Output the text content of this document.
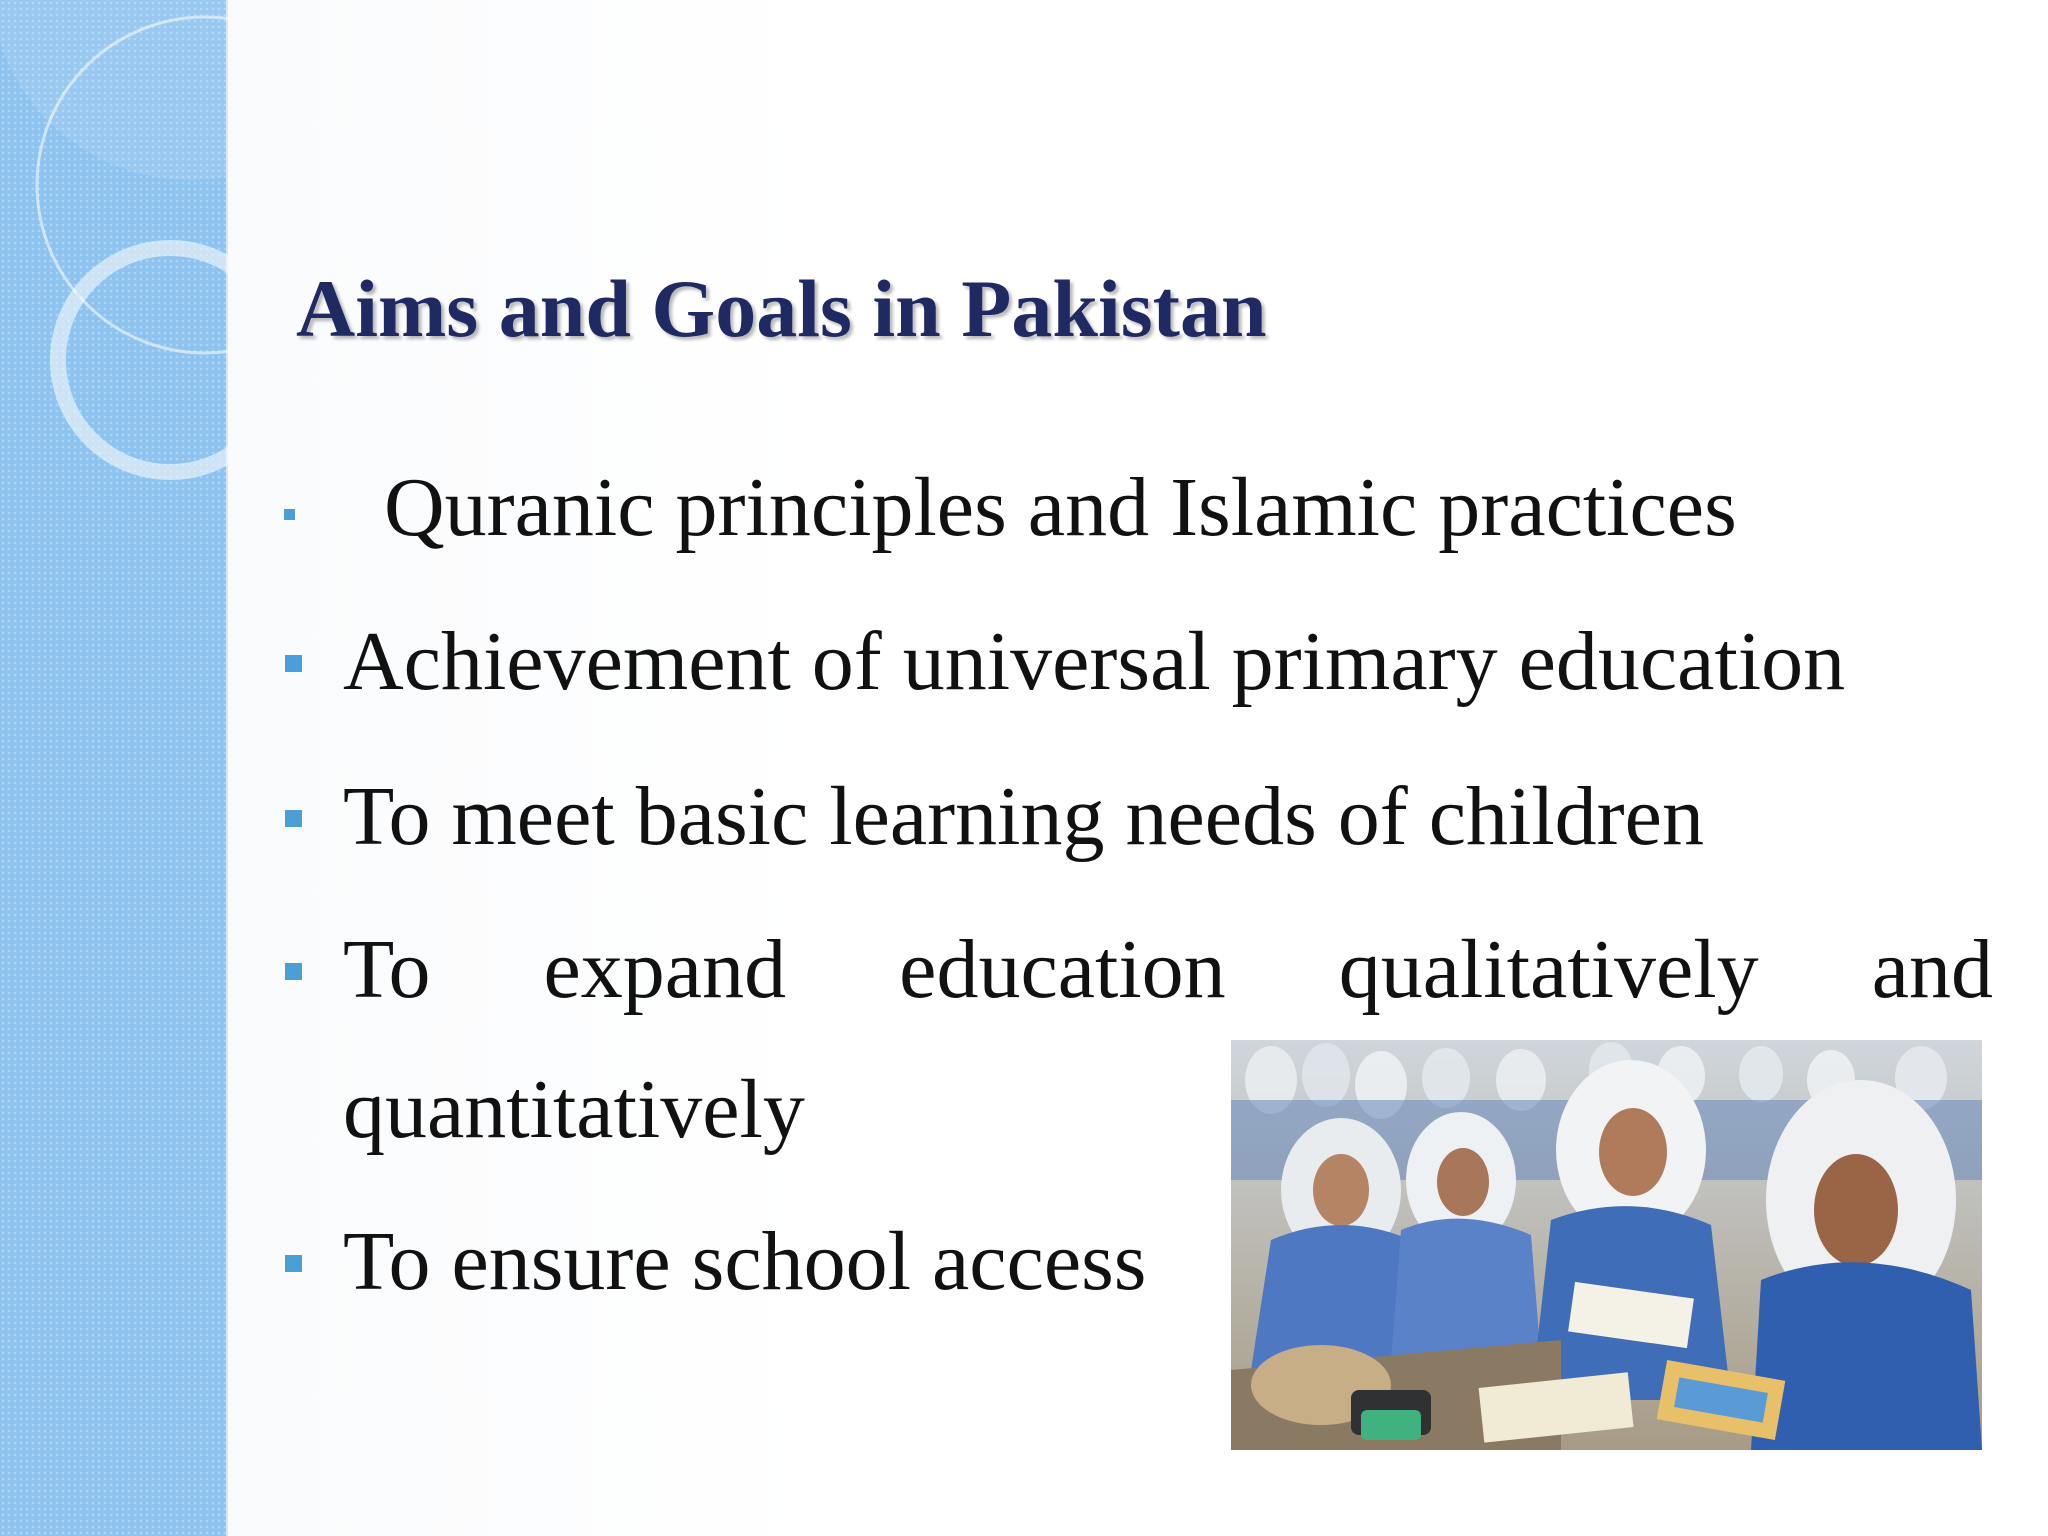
Aims and Goals in Pakistan
Quranic principles and Islamic practices
Achievement of universal primary education
To meet basic learning needs of children
To expand education qualitatively and
quantitatively
To ensure school access
